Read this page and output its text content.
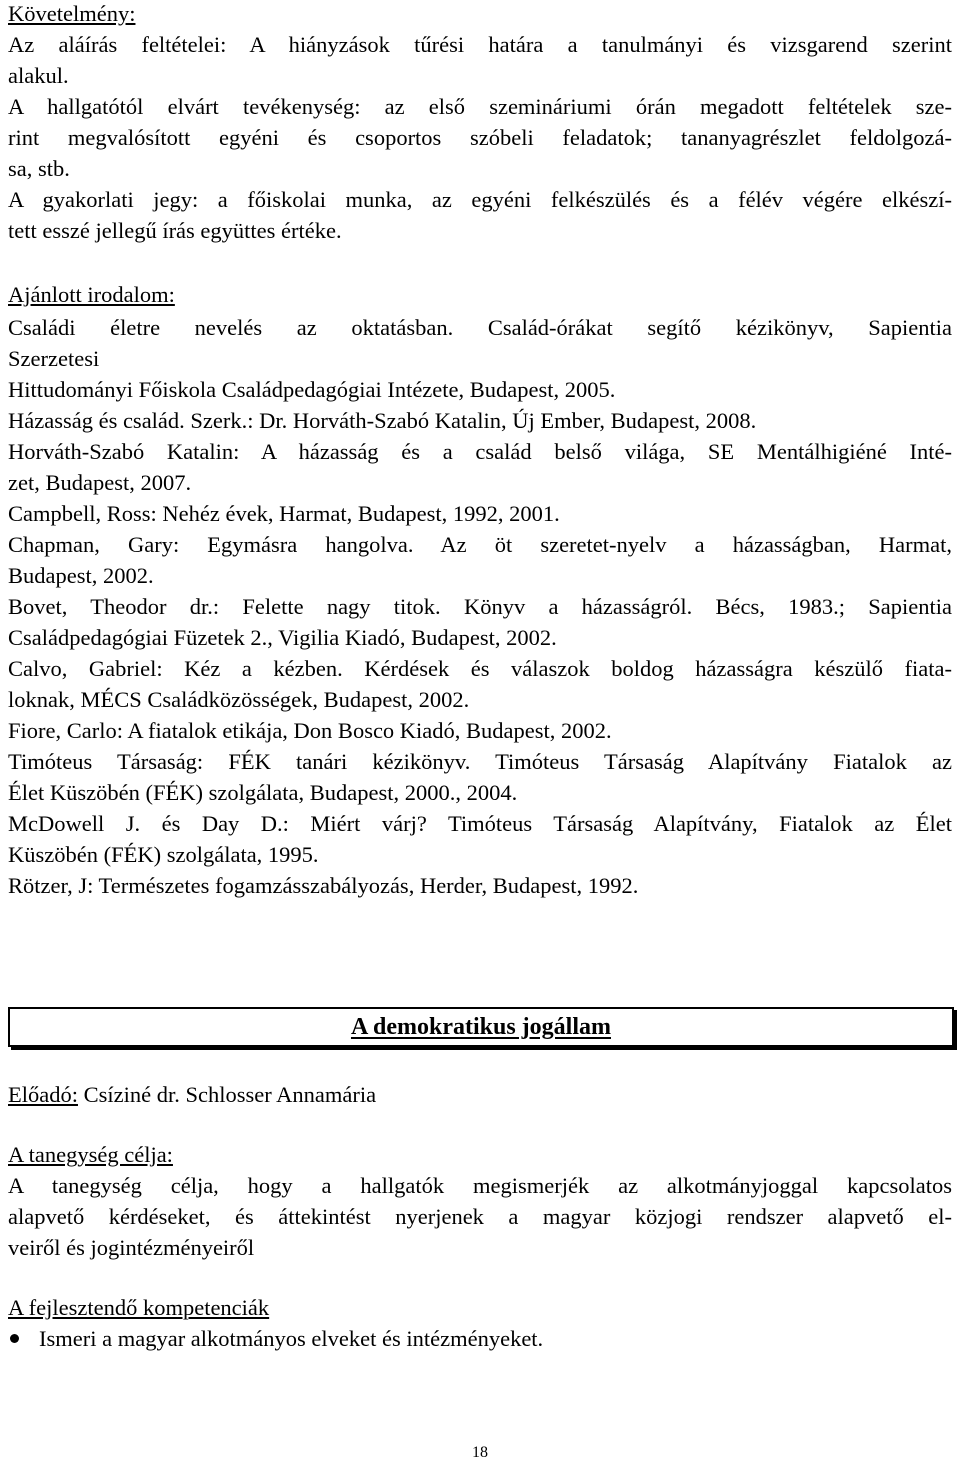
Követelmény:
Az aláírás feltételei: A hiányzások tűrési határa a tanulmányi és vizsgarend szerint
alakul.
A hallgatótól elvárt tevékenység: az első szemináriumi órán megadott feltételek sze-
rint megvalósított egyéni és csoportos szóbeli feladatok; tananyagrészlet feldolgozá-
sa, stb.
A gyakorlati jegy: a főiskolai munka, az egyéni felkészülés és a félév végére elkészí-
tett esszé jellegű írás együttes értéke.
Ajánlott irodalom:
Családi életre nevelés az oktatásban. Család-órákat segítő kézikönyv, Sapientia
Szerzetesi
Hittudományi Főiskola Családpedagógiai Intézete, Budapest, 2005.
Házasság és család. Szerk.: Dr. Horváth-Szabó Katalin, Új Ember, Budapest, 2008.
Horváth-Szabó Katalin: A házasság és a család belső világa, SE Mentálhigiéné Inté-
zet, Budapest, 2007.
Campbell, Ross: Nehéz évek, Harmat, Budapest, 1992, 2001.
Chapman, Gary: Egymásra hangolva. Az öt szeretet-nyelv a házasságban, Harmat,
Budapest, 2002.
Bovet, Theodor dr.: Felette nagy titok. Könyv a házasságról. Bécs, 1983.; Sapientia
Családpedagógiai Füzetek 2., Vigilia Kiadó, Budapest, 2002.
Calvo, Gabriel: Kéz a kézben. Kérdések és válaszok boldog házasságra készülő fiata-
loknak, MÉCS Családközösségek, Budapest, 2002.
Fiore, Carlo: A fiatalok etikája, Don Bosco Kiadó, Budapest, 2002.
Timóteus Társaság: FÉK tanári kézikönyv. Timóteus Társaság Alapítvány Fiatalok az
Élet Küszöbén (FÉK) szolgálata, Budapest, 2000., 2004.
McDowell J. és Day D.: Miért várj? Timóteus Társaság Alapítvány, Fiatalok az Élet
Küszöbén (FÉK) szolgálata, 1995.
Rötzer, J: Természetes fogamzásszabályozás, Herder, Budapest, 1992.
A demokratikus jogállam
Előadó: Csíziné dr. Schlosser Annamária
A tanegység célja:
A tanegység célja, hogy a hallgatók megismerjék az alkotmányjoggal kapcsolatos
alapvető kérdéseket, és áttekintést nyerjenek a magyar közjogi rendszer alapvető el-
veiről és jogintézményeiről
A fejlesztendő kompetenciák
Ismeri a magyar alkotmányos elveket és intézményeket.
18
